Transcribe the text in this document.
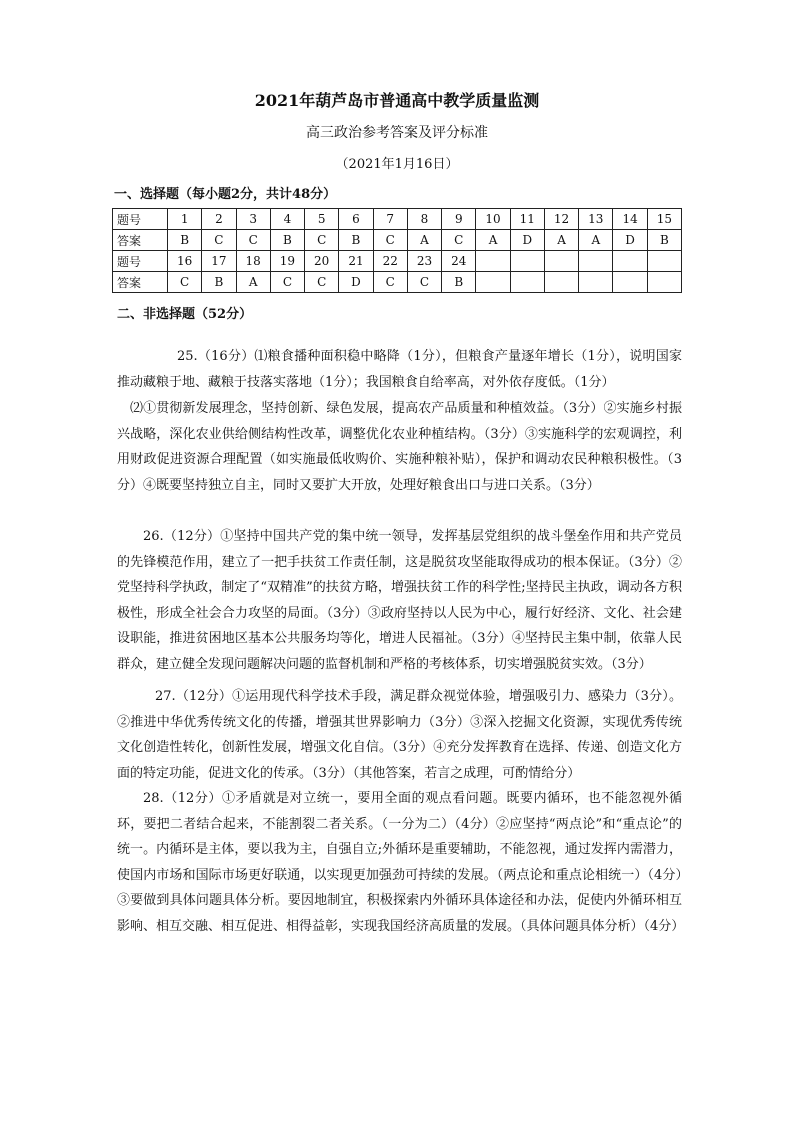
2021年葫芦岛市普通高中教学质量监测
高三政治参考答案及评分标准
（2021年1月16日）
一、选择题（每小题2分，共计48分）
题号	1	2	3	4	5	6	7	8	9	10	11	12	13	14	15
答案	B	C	C	B	C	B	C	A	C	A	D	A	A	D	B
题号	16	17	18	19	20	21	22	23	24						
答案	C	B	A	C	C	D	C	C	B						
二、非选择题（52分）

25.（16分）⑴粮食播种面积稳中略降（1分），但粮食产量逐年增长（1分），说明国家推动藏粮于地、藏粮于技落实落地（1分）；我国粮食自给率高，对外依存度低。（1分）

⑵①贯彻新发展理念，坚持创新、绿色发展，提高农产品质量和种植效益。（3分）②实施乡村振兴战略，深化农业供给侧结构性改革，调整优化农业种植结构。（3分）③实施科学的宏观调控，利用财政促进资源合理配置（如实施最低收购价、实施种粮补贴），保护和调动农民种粮积极性。（3分）④既要坚持独立自主，同时又要扩大开放，处理好粮食出口与进口关系。（3分）

26.（12分）①坚持中国共产党的集中统一领导，发挥基层党组织的战斗堡垒作用和共产党员的先锋模范作用，建立了一把手扶贫工作责任制，这是脱贫攻坚能取得成功的根本保证。（3分）②党坚持科学执政，制定了“双精准”的扶贫方略，增强扶贫工作的科学性;坚持民主执政，调动各方积极性，形成全社会合力攻坚的局面。（3分）③政府坚持以人民为中心，履行好经济、文化、社会建设职能，推进贫困地区基本公共服务均等化，增进人民福祉。（3分）④坚持民主集中制，依靠人民群众，建立健全发现问题解决问题的监督机制和严格的考核体系，切实增强脱贫实效。（3分）

27.（12分）①运用现代科学技术手段，满足群众视觉体验，增强吸引力、感染力（3分）。②推进中华优秀传统文化的传播，增强其世界影响力（3分）③深入挖掘文化资源，实现优秀传统文化创造性转化，创新性发展，增强文化自信。（3分）④充分发挥教育在选择、传递、创造文化方面的特定功能，促进文化的传承。（3分）（其他答案，若言之成理，可酌情给分）

28.（12分）①矛盾就是对立统一，要用全面的观点看问题。既要内循环，也不能忽视外循环，要把二者结合起来，不能割裂二者关系。（一分为二）（4分）②应坚持“两点论”和“重点论”的统一。内循环是主体，要以我为主，自强自立;外循环是重要辅助，不能忽视，通过发挥内需潜力，使国内市场和国际市场更好联通，以实现更加强劲可持续的发展。（两点论和重点论相统一）（4分）③要做到具体问题具体分析。要因地制宜，积极探索内外循环具体途径和办法，促使内外循环相互影响、相互交融、相互促进、相得益彰，实现我国经济高质量的发展。（具体问题具体分析）（4分）
